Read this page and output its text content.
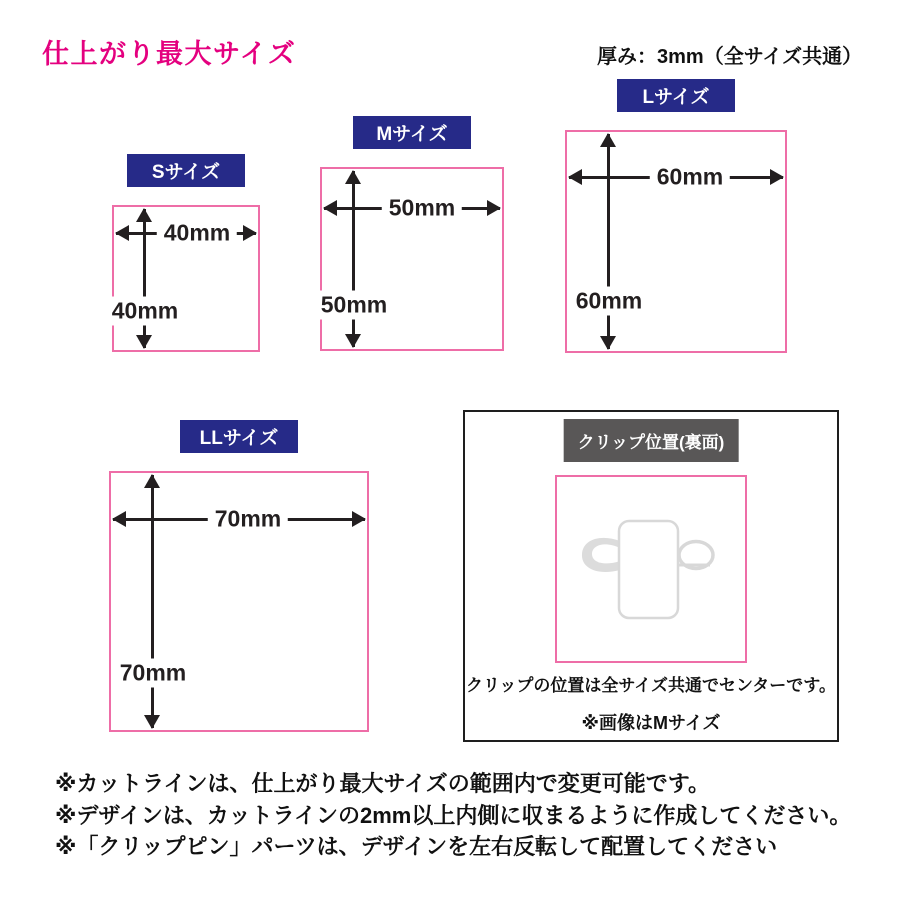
仕上がり最大サイズ	厚み：3mm（全サイズ共通）
Sサイズ
40mm
40mm
Mサイズ
50mm
50mm
Lサイズ
60mm
60mm
LLサイズ
70mm
70mm
クリップ位置(裏面)
クリップの位置は全サイズ共通でセンターです。
※画像はMサイズ
※カットラインは、仕上がり最大サイズの範囲内で変更可能です。
※デザインは、カットラインの2mm以上内側に収まるように作成してください。
※「クリップピン」パーツは、デザインを左右反転して配置してください
